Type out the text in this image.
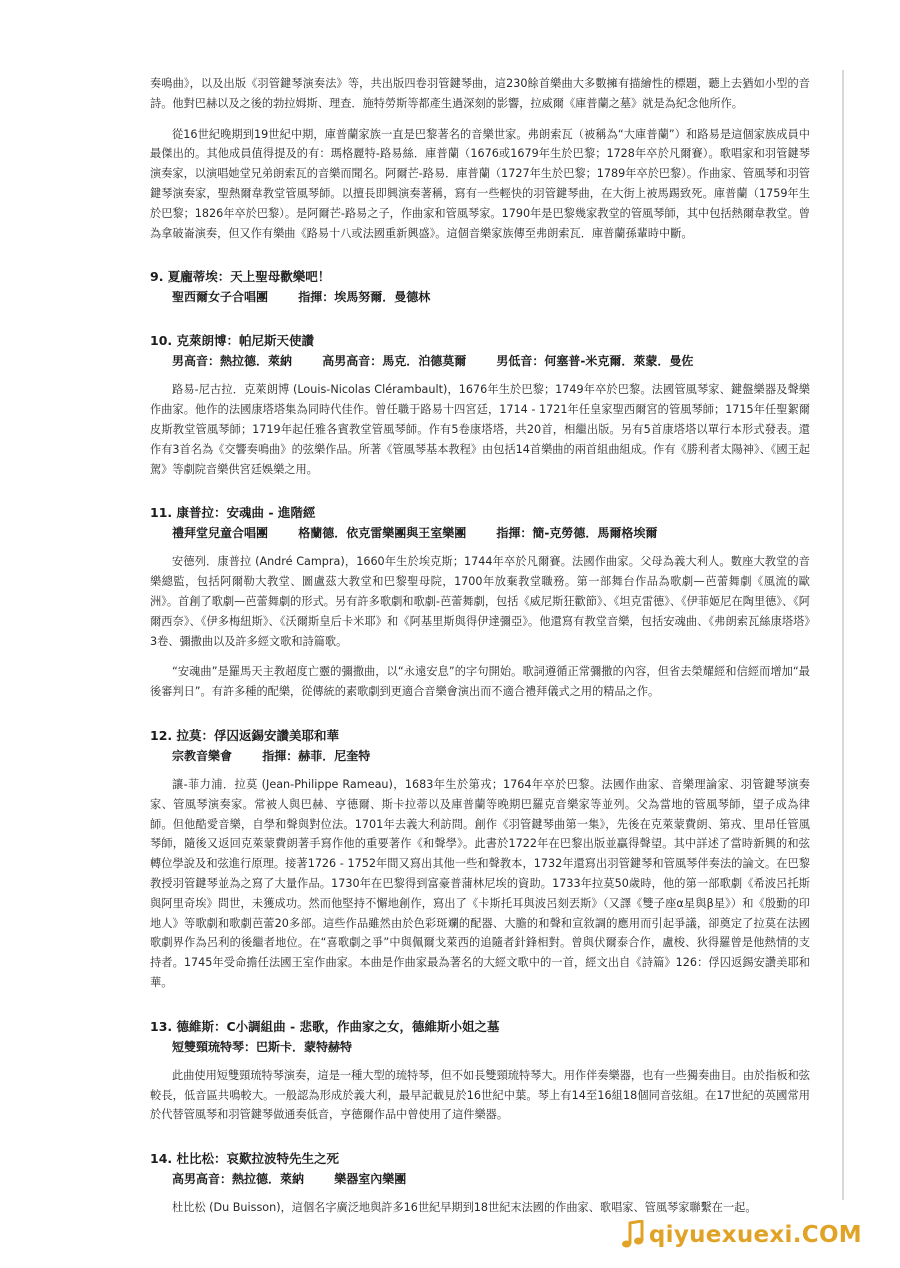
奏鳴曲》，以及出版《羽管鍵琴演奏法》等，共出版四卷羽管鍵琴曲，這230餘首樂曲大多數擁有描繪性的標題，聽上去猶如小型的音詩。他對巴赫以及之後的勃拉姆斯、理查．施特勞斯等都產生過深刻的影響，拉威爾《庫普蘭之墓》就是為紀念他所作。

從16世紀晚期到19世紀中期，庫普蘭家族一直是巴黎著名的音樂世家。弗朗索瓦（被稱為“大庫普蘭”）和路易是這個家族成員中最傑出的。其他成員值得提及的有：瑪格麗特-路易絲．庫普蘭（1676或1679年生於巴黎；1728年卒於凡爾賽）。歌唱家和羽管鍵琴演奏家，以演唱她堂兄弟朗索瓦的音樂而聞名。阿爾芒-路易．庫普蘭（1727年生於巴黎；1789年卒於巴黎）。作曲家、管風琴和羽管鍵琴演奏家，聖熱爾韋教堂管風琴師。以擅長即興演奏著稱，寫有一些輕快的羽管鍵琴曲，在大街上被馬踢致死。庫普蘭（1759年生於巴黎；1826年卒於巴黎）。是阿爾芒-路易之子，作曲家和管風琴家。1790年是巴黎幾家教堂的管風琴師，其中包括熱爾韋教堂。曾為拿破崙演奏，但又作有樂曲《路易十八或法國重新興盛》。這個音樂家族傳至弗朗索瓦．庫普蘭孫輩時中斷。

9. 夏龐蒂埃：天上聖母歡樂吧！
聖西爾女子合唱團	指揮：埃馬努爾．曼德林
10. 克萊朗博：帕尼斯天使讚
男高音：熱拉德．萊納	高男高音：馬克．泊德莫爾	男低音：何塞普-米克爾．萊蒙．曼佐

路易-尼古拉．克萊朗博 (Louis-Nicolas Clérambault)，1676年生於巴黎；1749年卒於巴黎。法國管風琴家、鍵盤樂器及聲樂作曲家。他作的法國康塔塔集為同時代佳作。曾任職于路易十四宮廷，1714 - 1721年任皇家聖西爾宮的管風琴師；1715年任聖絮爾皮斯教堂管風琴師；1719年起任雅各賓教堂管風琴師。作有5卷康塔塔，共20首，相繼出版。另有5首康塔塔以單行本形式發表。還作有3首名為《交響奏鳴曲》的弦樂作品。所著《管風琴基本教程》由包括14首樂曲的兩首組曲組成。作有《勝利者太陽神》、《國王起駕》等劇院音樂供宮廷娛樂之用。

11. 康普拉：安魂曲 - 進階經
禮拜堂兒童合唱團	格蘭德．依克雷樂團與王室樂團	指揮：簡-克勞德．馬爾格埃爾

安德列．康普拉 (André Campra)，1660年生於埃克斯；1744年卒於凡爾賽。法國作曲家。父母為義大利人。數座大教堂的音樂總監，包括阿爾勒大教堂、圖盧茲大教堂和巴黎聖母院，1700年放棄教堂職務。第一部舞台作品為歌劇—芭蕾舞劇《風流的歐洲》。首創了歌劇—芭蕾舞劇的形式。另有許多歌劇和歌劇-芭蕾舞劇，包括《威尼斯狂歡節》、《坦克雷德》、《伊菲姬尼在陶里德》、《阿爾西奈》、《伊多梅紐斯》、《沃爾斯皇后卡米耶》和《阿基里斯與得伊達彌亞》。他還寫有教堂音樂，包括安魂曲、《弗朗索瓦絲康塔塔》3卷、彌撒曲以及許多經文歌和詩篇歌。

“安魂曲”是羅馬天主教超度亡靈的彌撒曲，以“永遠安息”的字句開始。歌詞遵循正常彌撒的內容，但省去榮耀經和信經而增加“最後審判日”。有許多種的配樂，從傳統的素歌劇到更適合音樂會演出而不適合禮拜儀式之用的精品之作。

12. 拉莫：俘囚返錫安讚美耶和華
宗教音樂會	指揮：赫菲．尼奎特

讓-菲力浦．拉莫 (Jean-Philippe Rameau)，1683年生於第戎；1764年卒於巴黎。法國作曲家、音樂理論家、羽管鍵琴演奏家、管風琴演奏家。常被人與巴赫、亨德爾、斯卡拉蒂以及庫普蘭等晚期巴羅克音樂家等並列。父為當地的管風琴師，望子成為律師。但他酷愛音樂，自學和聲與對位法。1701年去義大利訪問。創作《羽管鍵琴曲第一集》，先後在克萊蒙費朗、第戎、里昂任管風琴師，隨後又返回克萊蒙費朗著手寫作他的重要著作《和聲學》。此書於1722年在巴黎出版並贏得聲望。其中詳述了當時新興的和弦轉位學說及和弦進行原理。接著1726 - 1752年間又寫出其他一些和聲教本，1732年還寫出羽管鍵琴和管風琴伴奏法的論文。在巴黎教授羽管鍵琴並為之寫了大量作品。1730年在巴黎得到富豪普蒲林尼埃的資助。1733年拉莫50歲時，他的第一部歌劇《希波呂托斯與阿里奇埃》問世，未獲成功。然而他堅持不懈地創作，寫出了《卡斯托耳與波呂刻丟斯》（又譯《雙子座α星與β星》）和《殷勤的印地人》等歌劇和歌劇芭蕾20多部。這些作品雖然由於色彩斑斕的配器、大膽的和聲和宣敘調的應用而引起爭議，卻奠定了拉莫在法國歌劇界作為呂利的後繼者地位。在“喜歌劇之爭”中與佩爾戈萊西的追隨者針鋒相對。曾與伏爾泰合作，盧梭、狄得羅曾是他熱情的支持者。1745年受命擔任法國王室作曲家。本曲是作曲家最為著名的大經文歌中的一首，經文出自《詩篇》126：俘囚返錫安讚美耶和華。

13. 德維斯：C小調組曲 - 悲歌，作曲家之女，德維斯小姐之墓
短雙頸琉特琴：巴斯卡．蒙特赫特

此曲使用短雙頸琉特琴演奏，這是一種大型的琉特琴，但不如長雙頸琉特琴大。用作伴奏樂器，也有一些獨奏曲目。由於指板和弦較長，低音區共鳴較大。一般認為形成於義大利，最早記載見於16世紀中葉。琴上有14至16組18個同音弦組。在17世紀的英國常用於代替管風琴和羽管鍵琴做通奏低音，亨德爾作品中曾使用了這件樂器。

14. 杜比松：哀歎拉波特先生之死
高男高音：熱拉德．萊納	樂器室內樂團

杜比松 (Du Buisson)，這個名字廣泛地與許多16世紀早期到18世紀末法國的作曲家、歌唱家、管風琴家聯繫在一起。

qiyuexuexi.COM
